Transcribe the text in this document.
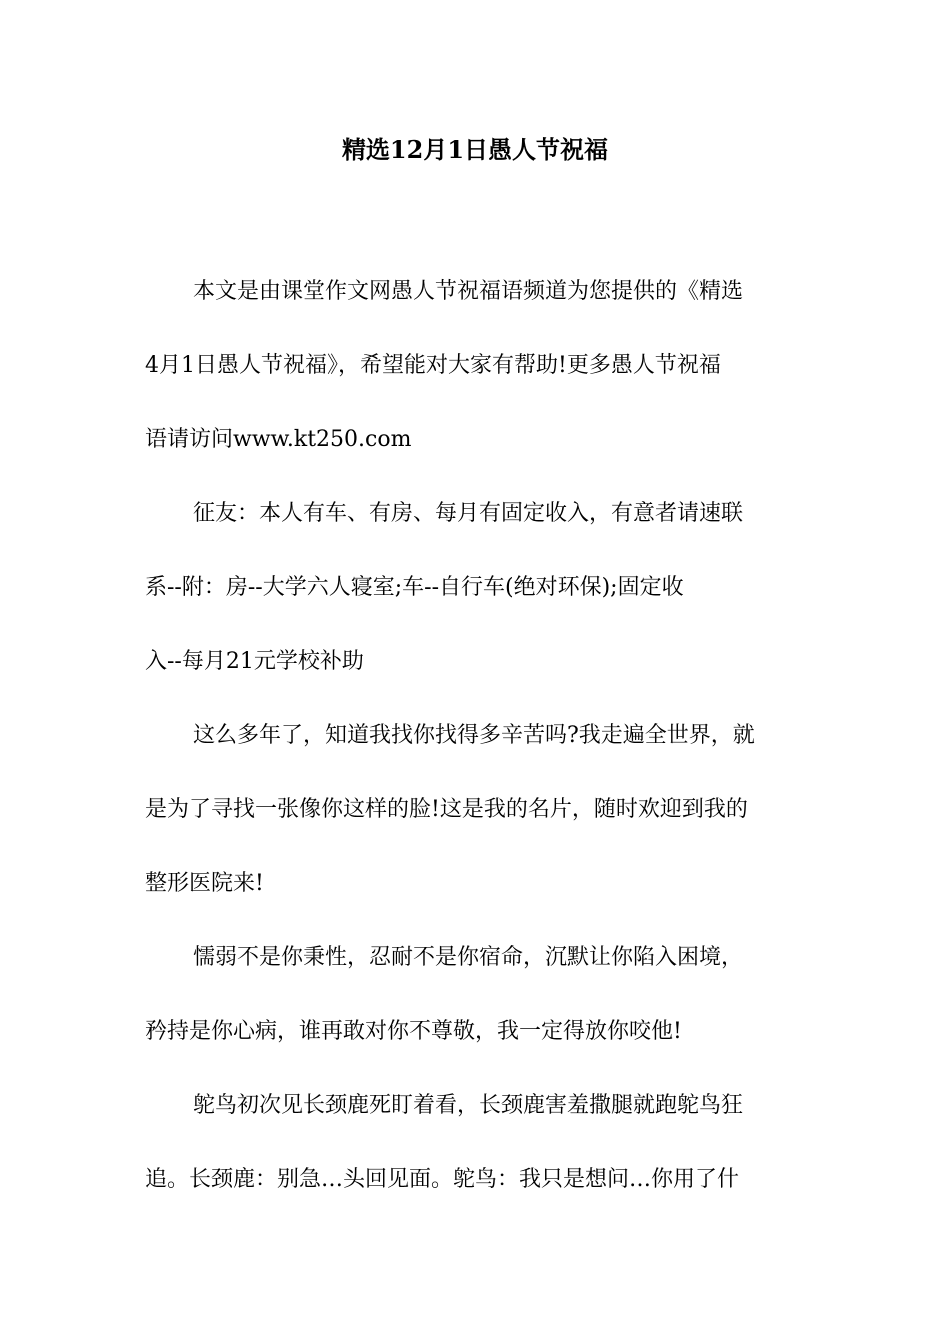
精选12月1日愚人节祝福

本文是由课堂作文网愚人节祝福语频道为您提供的《精选
4月1日愚人节祝福》，希望能对大家有帮助!更多愚人节祝福
语请访问www.kt250.com

征友：本人有车、有房、每月有固定收入，有意者请速联
系--附：房--大学六人寝室;车--自行车(绝对环保);固定收
入--每月21元学校补助

这么多年了，知道我找你找得多辛苦吗?我走遍全世界，就
是为了寻找一张像你这样的脸!这是我的名片，随时欢迎到我的
整形医院来!

懦弱不是你秉性，忍耐不是你宿命，沉默让你陷入困境，
矜持是你心病，谁再敢对你不尊敬，我一定得放你咬他!

鸵鸟初次见长颈鹿死盯着看，长颈鹿害羞撒腿就跑鸵鸟狂
追。长颈鹿：别急…头回见面。鸵鸟：我只是想问…你用了什
